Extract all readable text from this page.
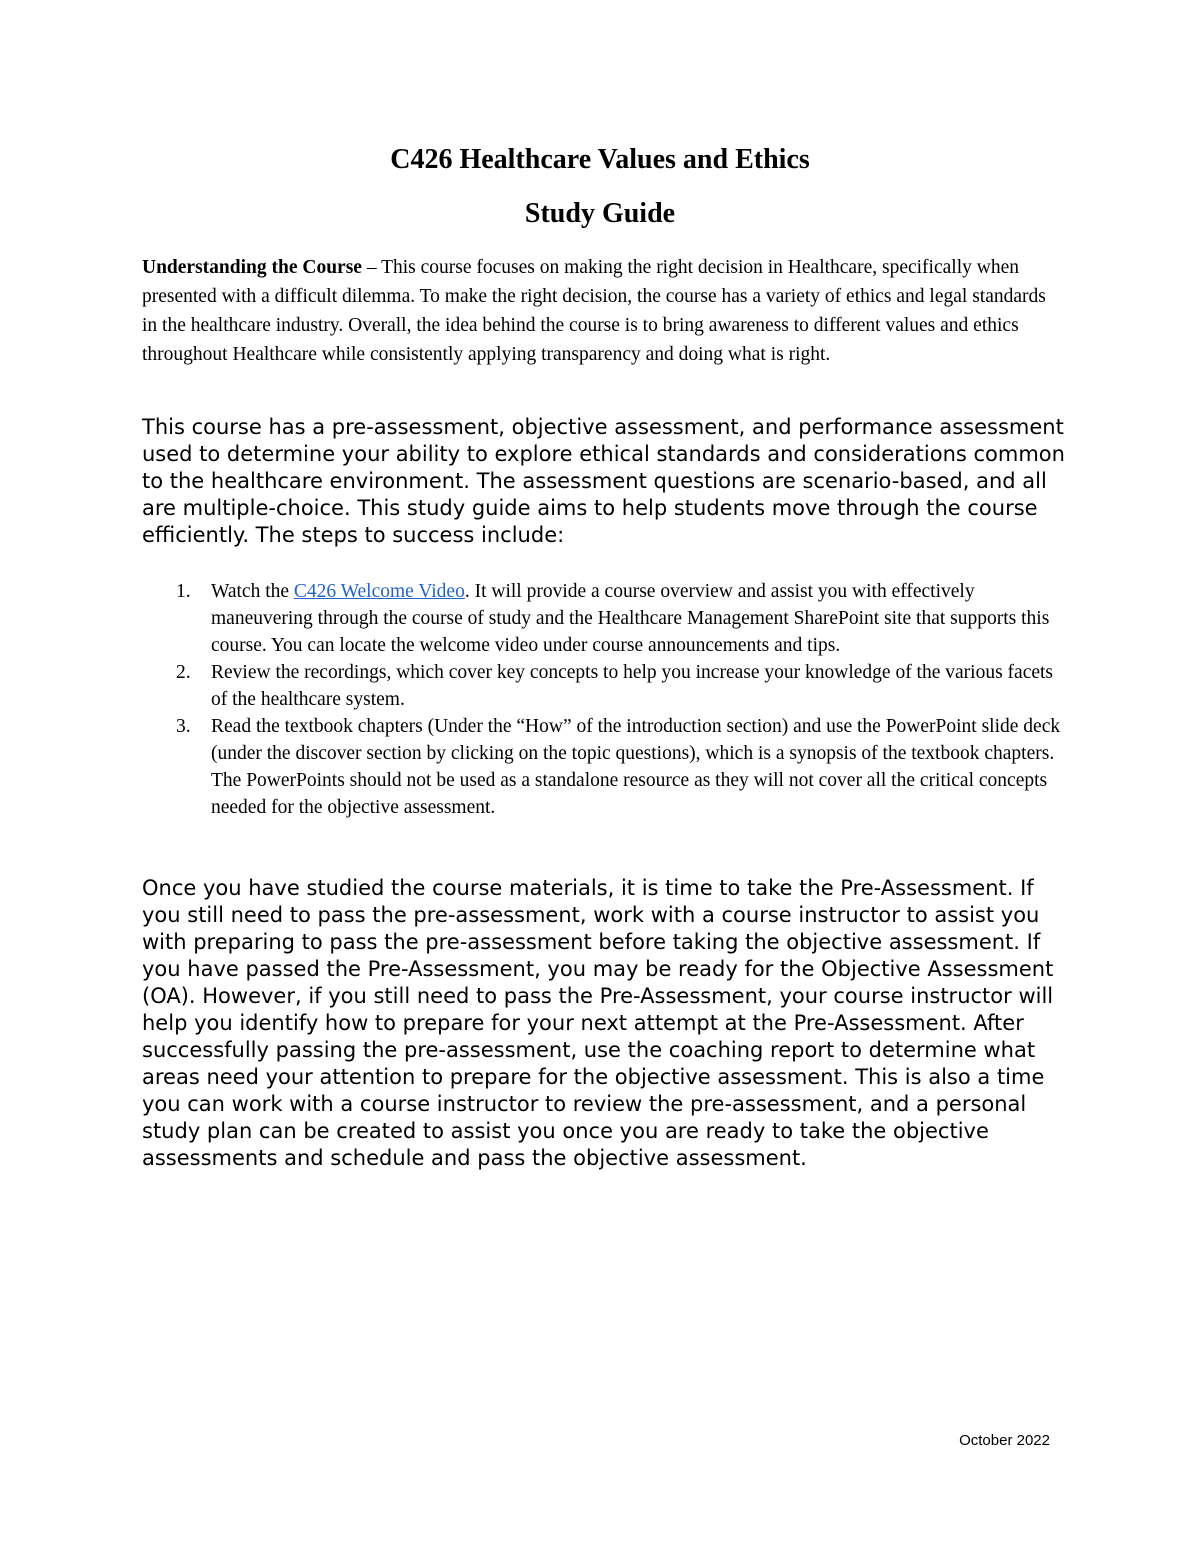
C426 Healthcare Values and Ethics
Study Guide

Understanding the Course – This course focuses on making the right decision in Healthcare, specifically when presented with a difficult dilemma. To make the right decision, the course has a variety of ethics and legal standards in the healthcare industry. Overall, the idea behind the course is to bring awareness to different values and ethics throughout Healthcare while consistently applying transparency and doing what is right.

This course has a pre-assessment, objective assessment, and performance assessment used to determine your ability to explore ethical standards and considerations common to the healthcare environment. The assessment questions are scenario-based, and all are multiple-choice. This study guide aims to help students move through the course efficiently. The steps to success include:

1. Watch the C426 Welcome Video. It will provide a course overview and assist you with effectively maneuvering through the course of study and the Healthcare Management SharePoint site that supports this course. You can locate the welcome video under course announcements and tips.
2. Review the recordings, which cover key concepts to help you increase your knowledge of the various facets of the healthcare system.
3. Read the textbook chapters (Under the “How” of the introduction section) and use the PowerPoint slide deck (under the discover section by clicking on the topic questions), which is a synopsis of the textbook chapters. The PowerPoints should not be used as a standalone resource as they will not cover all the critical concepts needed for the objective assessment.

Once you have studied the course materials, it is time to take the Pre-Assessment. If you still need to pass the pre-assessment, work with a course instructor to assist you with preparing to pass the pre-assessment before taking the objective assessment. If you have passed the Pre-Assessment, you may be ready for the Objective Assessment (OA). However, if you still need to pass the Pre-Assessment, your course instructor will help you identify how to prepare for your next attempt at the Pre-Assessment. After successfully passing the pre-assessment, use the coaching report to determine what areas need your attention to prepare for the objective assessment. This is also a time you can work with a course instructor to review the pre-assessment, and a personal study plan can be created to assist you once you are ready to take the objective assessments and schedule and pass the objective assessment.

October 2022
